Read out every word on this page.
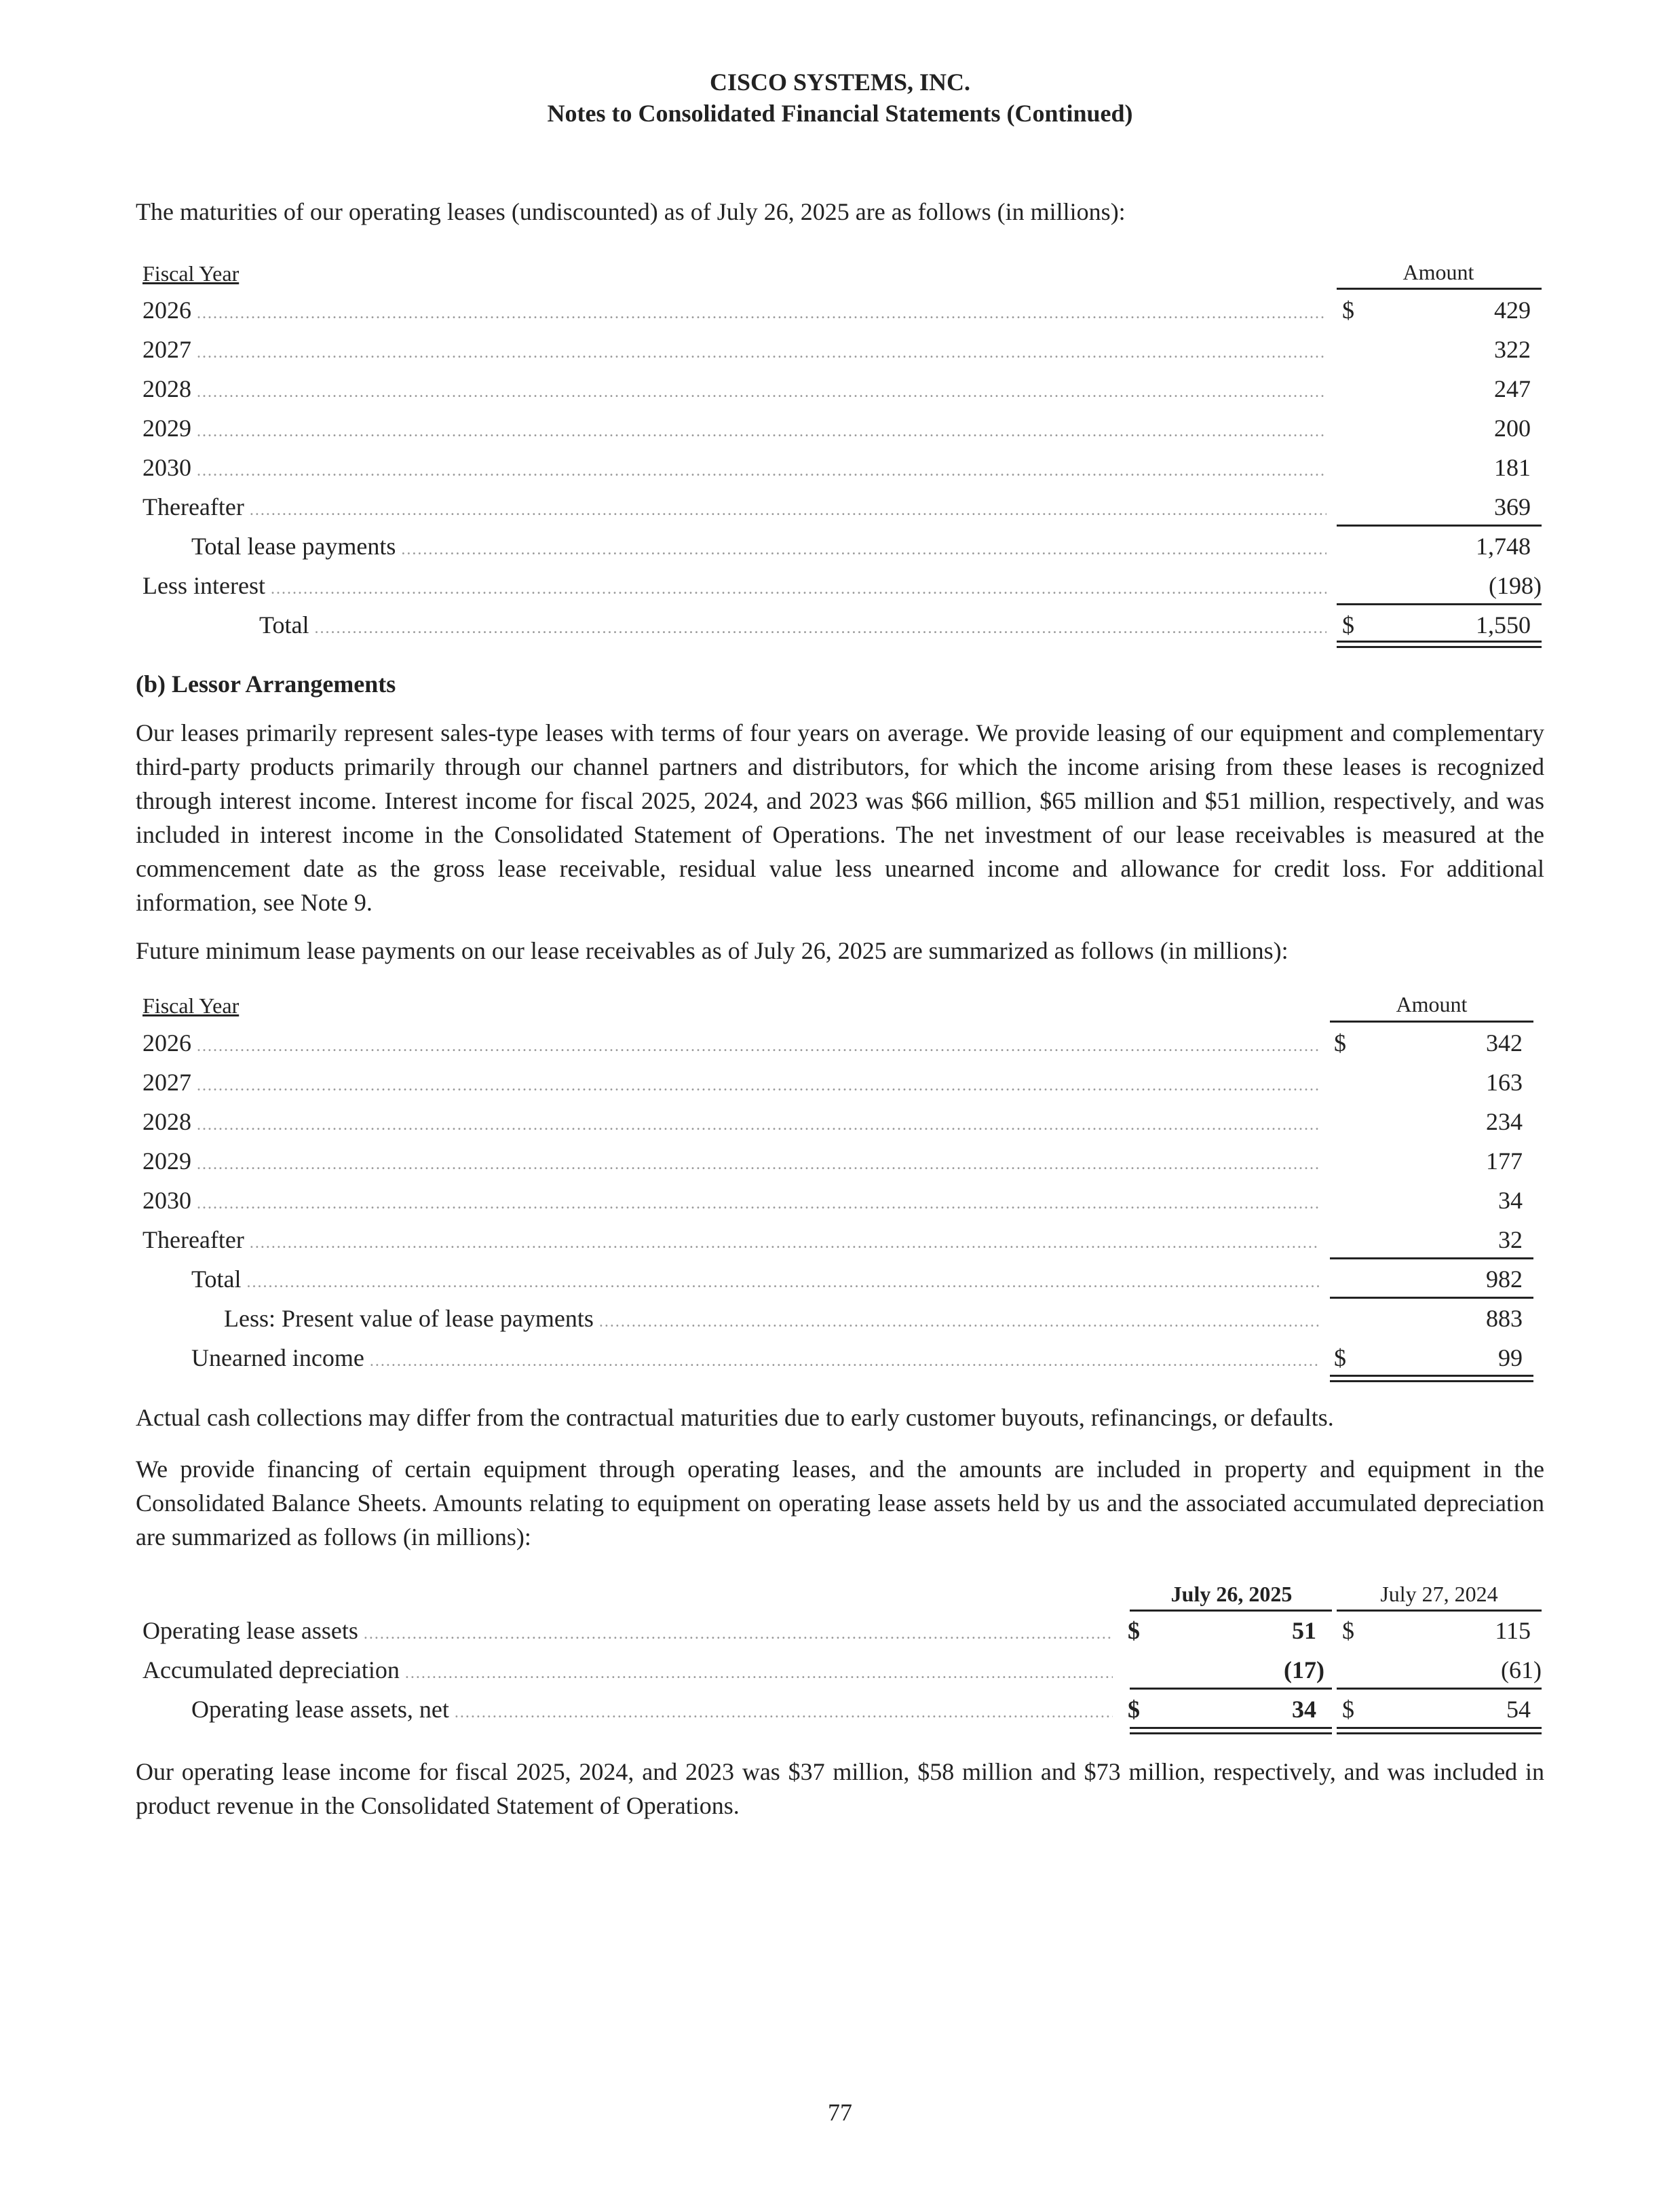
CISCO SYSTEMS, INC.
Notes to Consolidated Financial Statements (Continued)

The maturities of our operating leases (undiscounted) as of July 26, 2025 are as follows (in millions):

Fiscal Year	Amount
2026 .....	$	429
2027 .....	322
2028 .....	247
2029 .....	200
2030 .....	181
Thereafter .....	369
Total lease payments .....	1,748
Less interest .....	(198)
Total .....	$	1,550
(b) Lessor Arrangements

Our leases primarily represent sales-type leases with terms of four years on average. We provide leasing of our equipment and complementary third-party products primarily through our channel partners and distributors, for which the income arising from these leases is recognized through interest income. Interest income for fiscal 2025, 2024, and 2023 was $66 million, $65 million and $51 million, respectively, and was included in interest income in the Consolidated Statement of Operations. The net investment of our lease receivables is measured at the commencement date as the gross lease receivable, residual value less unearned income and allowance for credit loss. For additional information, see Note 9.

Future minimum lease payments on our lease receivables as of July 26, 2025 are summarized as follows (in millions):

Fiscal Year	Amount
2026 .....	$	342
2027 .....	163
2028 .....	234
2029 .....	177
2030 .....	34
Thereafter .....	32
Total .....	982
Less: Present value of lease payments .....	883
Unearned income .....	$	99

Actual cash collections may differ from the contractual maturities due to early customer buyouts, refinancings, or defaults.

We provide financing of certain equipment through operating leases, and the amounts are included in property and equipment in the Consolidated Balance Sheets. Amounts relating to equipment on operating lease assets held by us and the associated accumulated depreciation are summarized as follows (in millions):

July 26, 2025	July 27, 2024
Operating lease assets .....	$	51 $	115
Accumulated depreciation .....	(17)	(61)
Operating lease assets, net .....	$	34 $	54

Our operating lease income for fiscal 2025, 2024, and 2023 was $37 million, $58 million and $73 million, respectively, and was included in product revenue in the Consolidated Statement of Operations.

77
